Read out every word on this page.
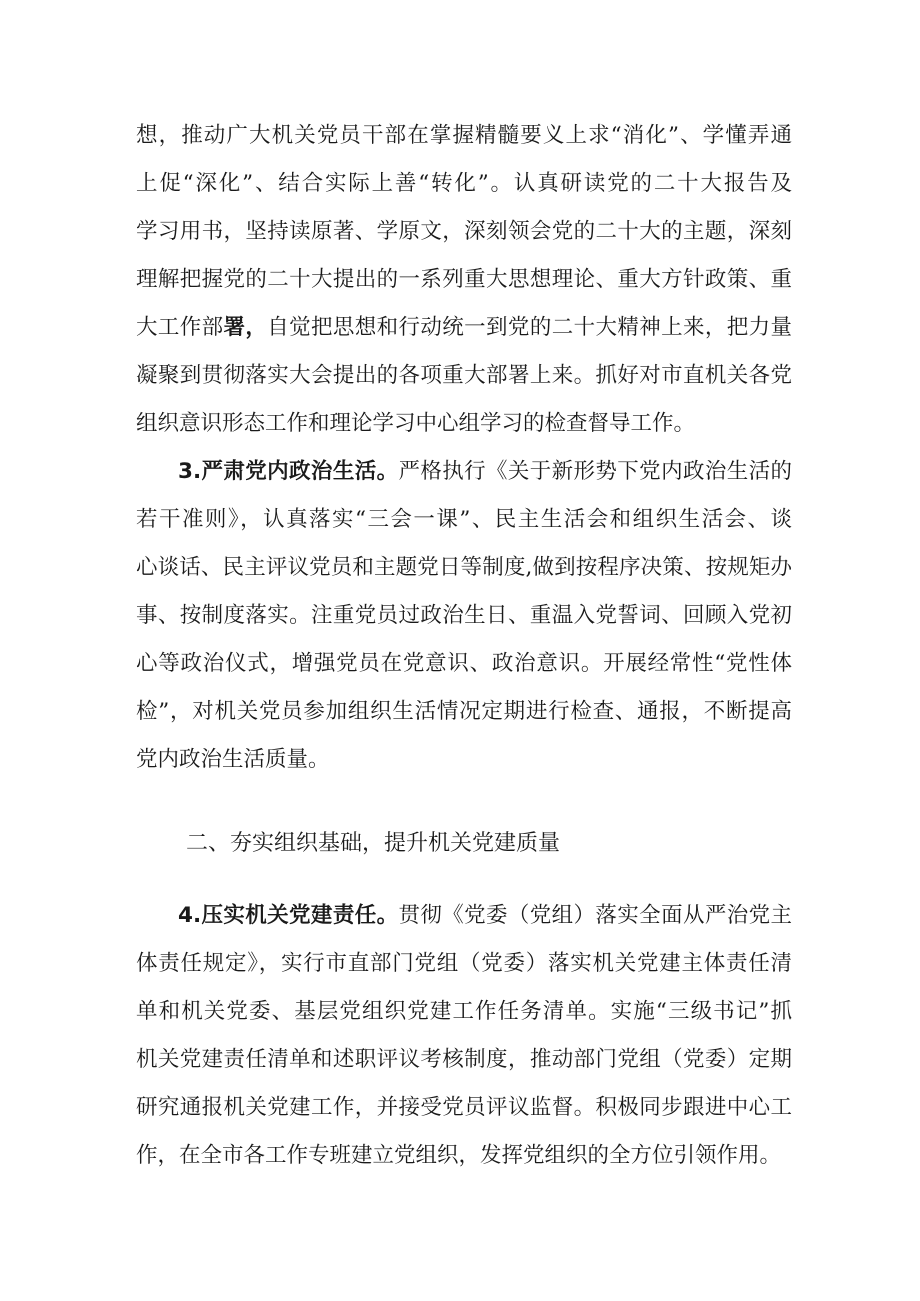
想，推动广大机关党员干部在掌握精髓要义上求“消化”、学懂弄通
上促“深化”、结合实际上善“转化”。认真研读党的二十大报告及
学习用书，坚持读原著、学原文，深刻领会党的二十大的主题，深刻
理解把握党的二十大提出的一系列重大思想理论、重大方针政策、重
大工作部署，自觉把思想和行动统一到党的二十大精神上来，把力量
凝聚到贯彻落实大会提出的各项重大部署上来。抓好对市直机关各党
组织意识形态工作和理论学习中心组学习的检查督导工作。
3.严肃党内政治生活。严格执行《关于新形势下党内政治生活的
若干准则》，认真落实“三会一课”、民主生活会和组织生活会、谈
心谈话、民主评议党员和主题党日等制度,做到按程序决策、按规矩办
事、按制度落实。注重党员过政治生日、重温入党誓词、回顾入党初
心等政治仪式，增强党员在党意识、政治意识。开展经常性“党性体
检”，对机关党员参加组织生活情况定期进行检查、通报，不断提高
党内政治生活质量。
二、夯实组织基础，提升机关党建质量
4.压实机关党建责任。贯彻《党委（党组）落实全面从严治党主
体责任规定》，实行市直部门党组（党委）落实机关党建主体责任清
单和机关党委、基层党组织党建工作任务清单。实施“三级书记”抓
机关党建责任清单和述职评议考核制度，推动部门党组（党委）定期
研究通报机关党建工作，并接受党员评议监督。积极同步跟进中心工
作，在全市各工作专班建立党组织，发挥党组织的全方位引领作用。
